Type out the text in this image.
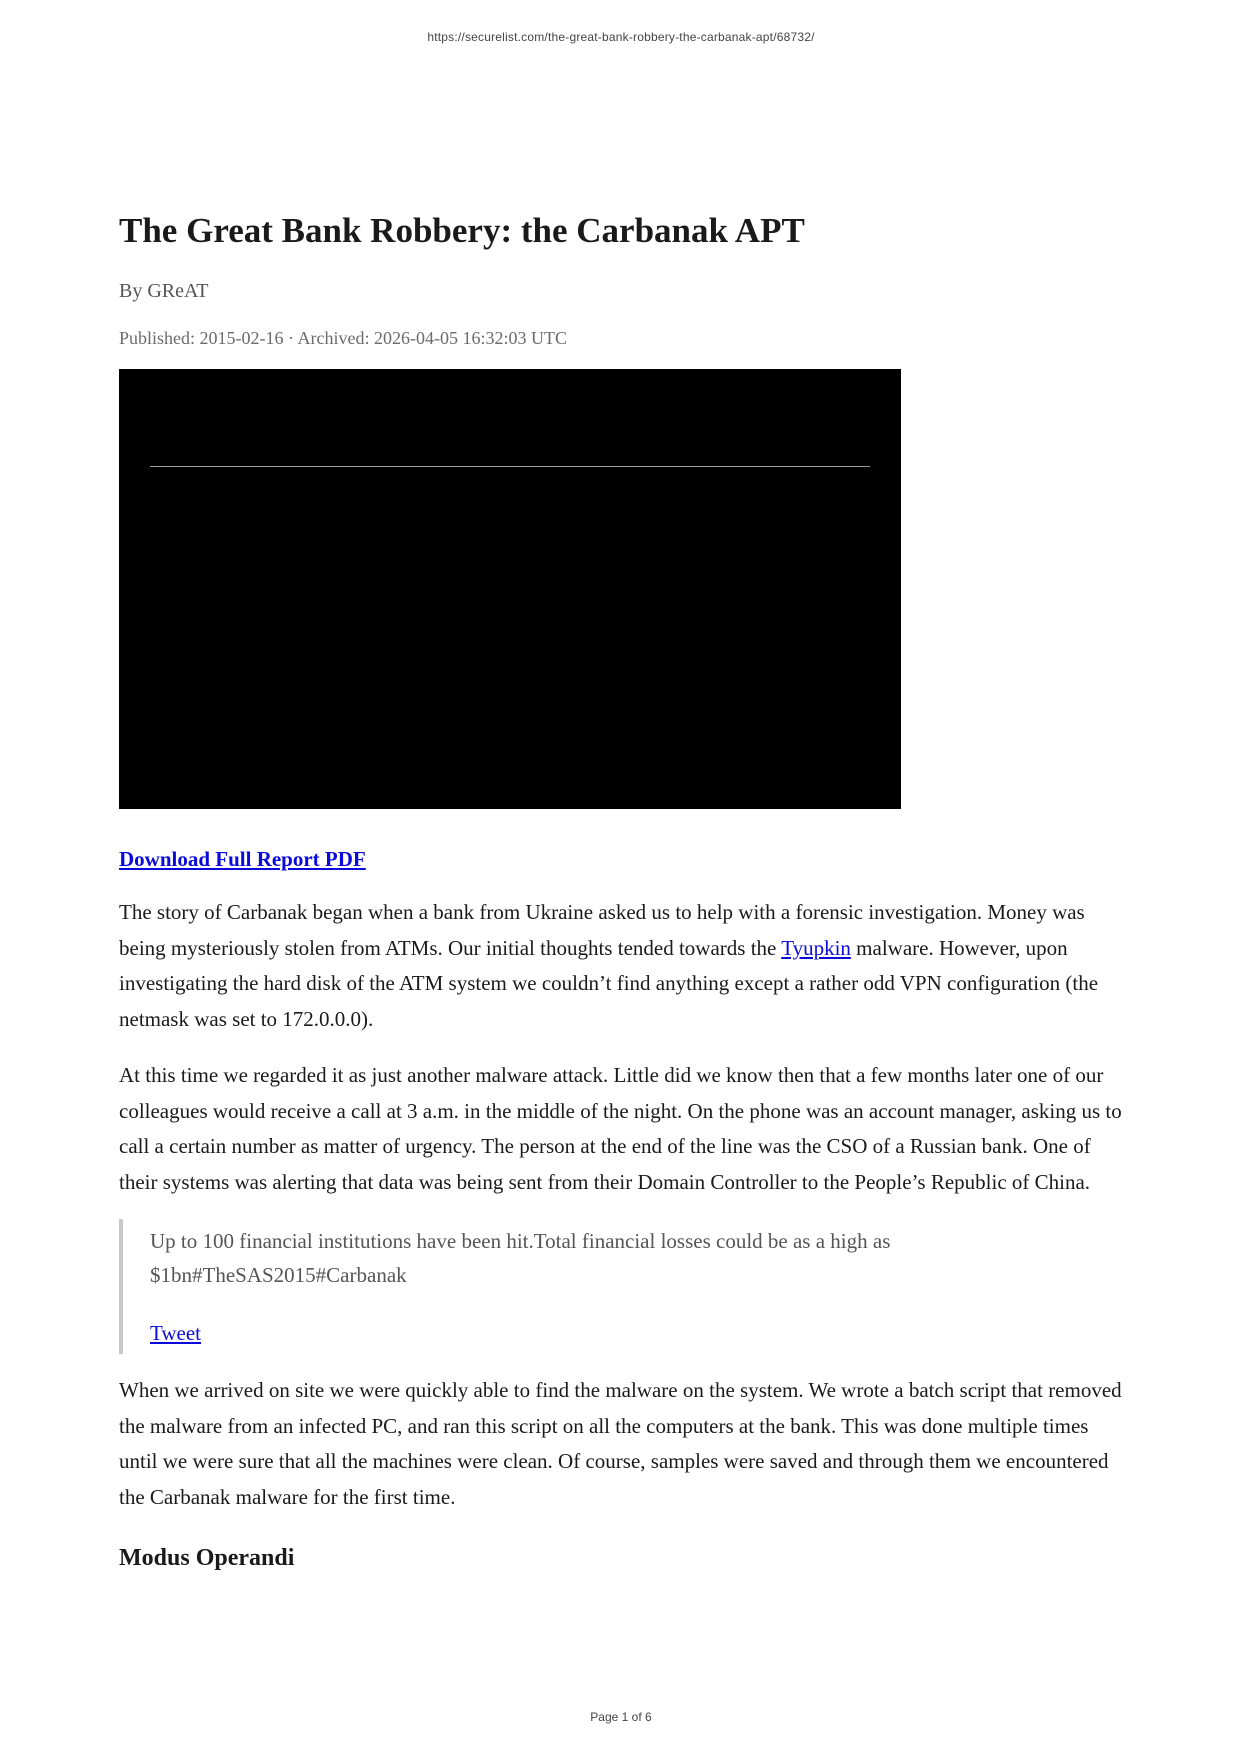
https://securelist.com/the-great-bank-robbery-the-carbanak-apt/68732/
The Great Bank Robbery: the Carbanak APT
By GReAT
Published: 2015-02-16 · Archived: 2026-04-05 16:32:03 UTC
Download Full Report PDF

The story of Carbanak began when a bank from Ukraine asked us to help with a forensic investigation. Money was being mysteriously stolen from ATMs. Our initial thoughts tended towards the Tyupkin malware. However, upon investigating the hard disk of the ATM system we couldn’t find anything except a rather odd VPN configuration (the netmask was set to 172.0.0.0).

At this time we regarded it as just another malware attack. Little did we know then that a few months later one of our colleagues would receive a call at 3 a.m. in the middle of the night. On the phone was an account manager, asking us to call a certain number as matter of urgency. The person at the end of the line was the CSO of a Russian bank. One of their systems was alerting that data was being sent from their Domain Controller to the People’s Republic of China.

Up to 100 financial institutions have been hit.Total financial losses could be as a high as $1bn#TheSAS2015#Carbanak

Tweet

When we arrived on site we were quickly able to find the malware on the system. We wrote a batch script that removed the malware from an infected PC, and ran this script on all the computers at the bank. This was done multiple times until we were sure that all the machines were clean. Of course, samples were saved and through them we encountered the Carbanak malware for the first time.

Modus Operandi
Page 1 of 6
